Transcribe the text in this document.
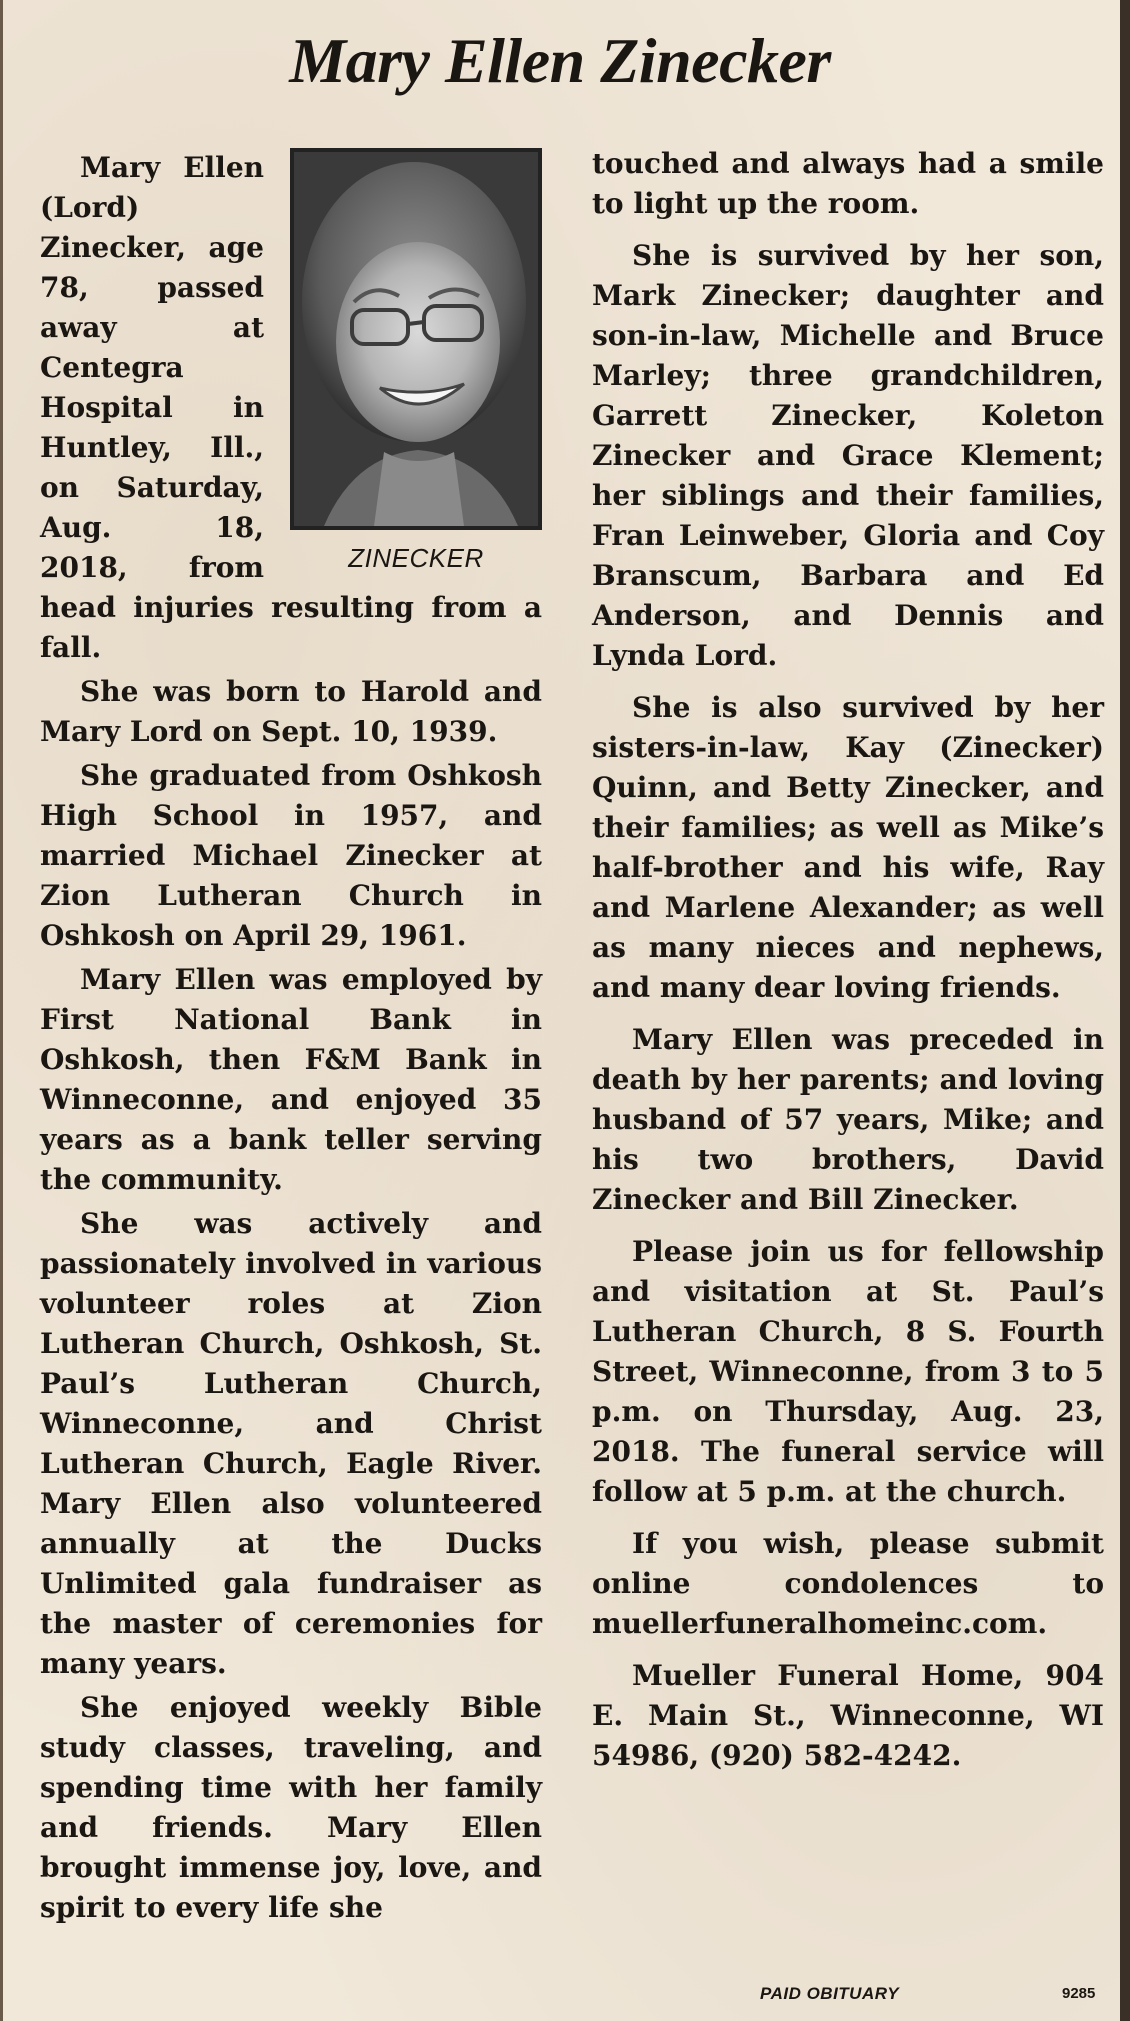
Mary Ellen Zinecker
ZINECKER

Mary Ellen (Lord) Zinecker, age 78, passed away at Centegra Hospital in Huntley, Ill., on Saturday, Aug. 18, 2018, from head injuries resulting from a fall.

She was born to Harold and Mary Lord on Sept. 10, 1939.

She graduated from Oshkosh High School in 1957, and married Michael Zinecker at Zion Lutheran Church in Oshkosh on April 29, 1961.

Mary Ellen was employed by First National Bank in Oshkosh, then F&M Bank in Winneconne, and enjoyed 35 years as a bank teller serving the community.

She was actively and passionately involved in various volunteer roles at Zion Lutheran Church, Oshkosh, St. Paul’s Lutheran Church, Winneconne, and Christ Lutheran Church, Eagle River. Mary Ellen also volunteered annually at the Ducks Unlimited gala fundraiser as the master of ceremonies for many years.

She enjoyed weekly Bible study classes, traveling, and spending time with her family and friends. Mary Ellen brought immense joy, love, and spirit to every life she

touched and always had a smile to light up the room.

She is survived by her son, Mark Zinecker; daughter and son-in-law, Michelle and Bruce Marley; three grandchildren, Garrett Zinecker, Koleton Zinecker and Grace Klement; her siblings and their families, Fran Leinweber, Gloria and Coy Branscum, Barbara and Ed Anderson, and Dennis and Lynda Lord.

She is also survived by her sisters-in-law, Kay (Zinecker) Quinn, and Betty Zinecker, and their families; as well as Mike’s half-brother and his wife, Ray and Marlene Alexander; as well as many nieces and nephews, and many dear loving friends.

Mary Ellen was preceded in death by her parents; and loving husband of 57 years, Mike; and his two brothers, David Zinecker and Bill Zinecker.

Please join us for fellowship and visitation at St. Paul’s Lutheran Church, 8 S. Fourth Street, Winneconne, from 3 to 5 p.m. on Thursday, Aug. 23, 2018. The funeral service will follow at 5 p.m. at the church.

If you wish, please submit online condolences to muellerfuneralhomeinc.com.

Mueller Funeral Home, 904 E. Main St., Winneconne, WI 54986, (920) 582-4242.

PAID OBITUARY	9285
